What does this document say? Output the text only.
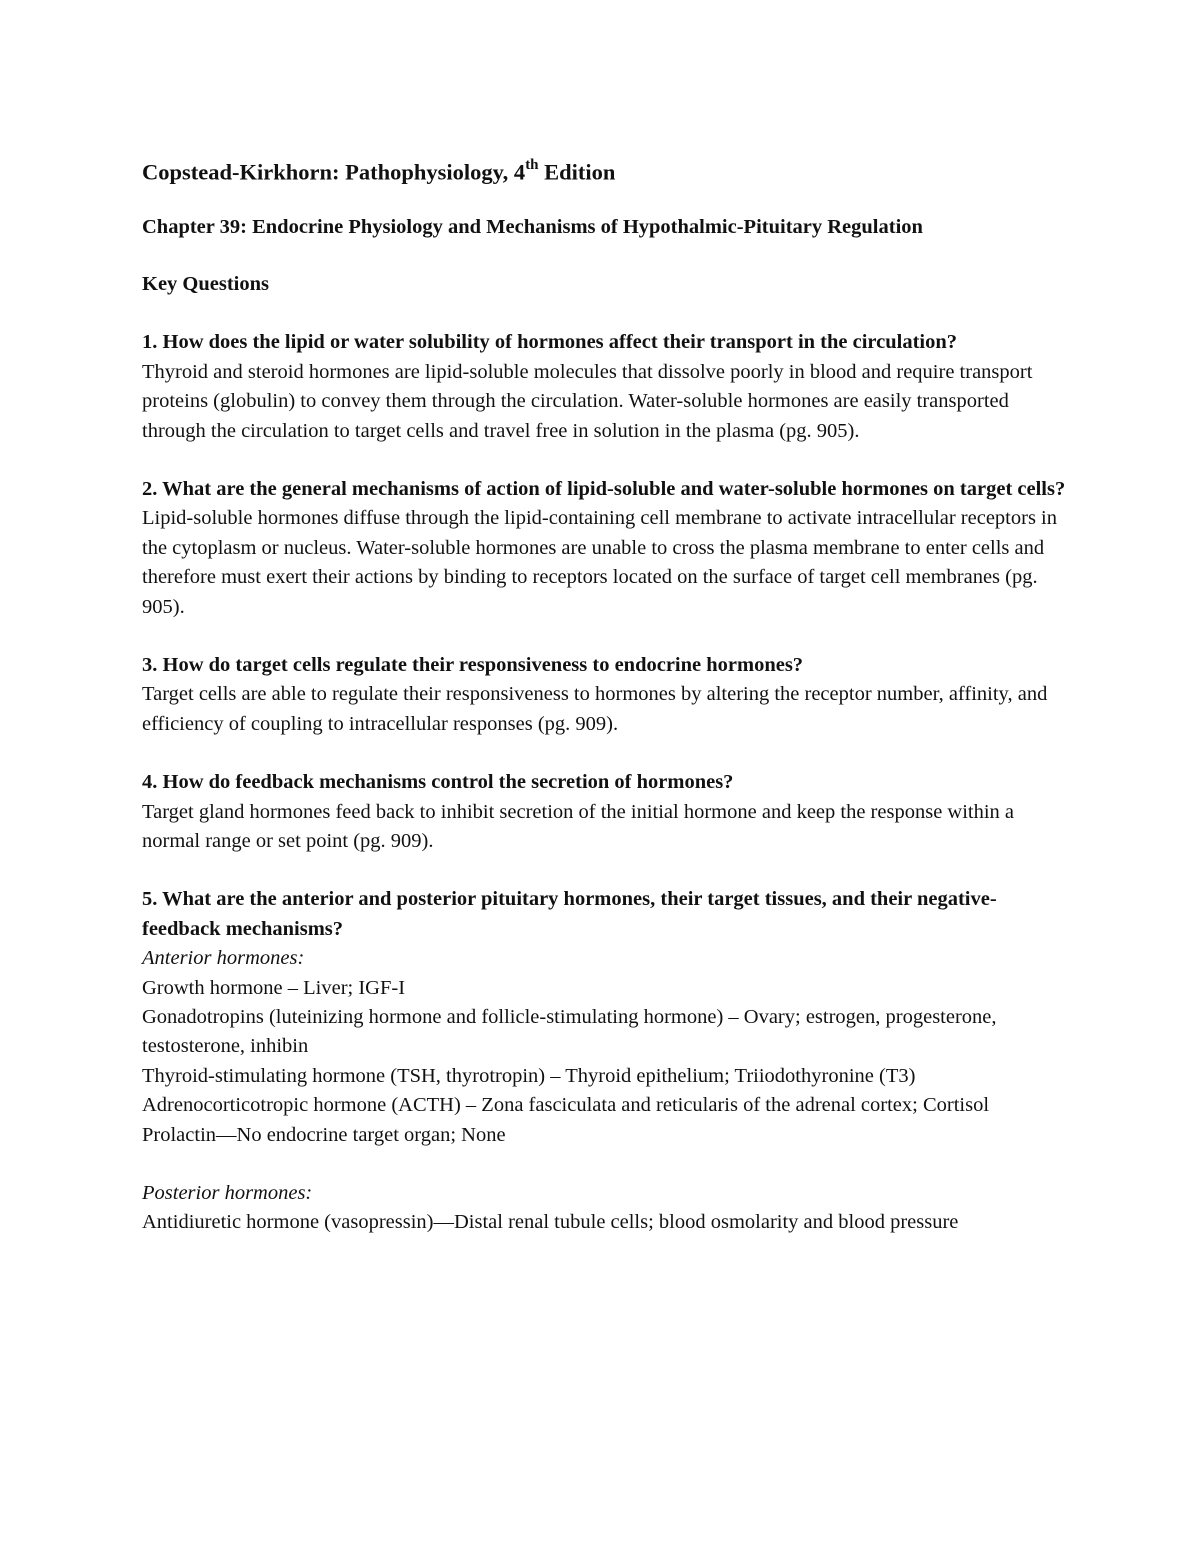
Copstead-Kirkhorn: Pathophysiology, 4th Edition

Chapter 39: Endocrine Physiology and Mechanisms of Hypothalmic-Pituitary Regulation

Key Questions

1. How does the lipid or water solubility of hormones affect their transport in the circulation?

Thyroid and steroid hormones are lipid-soluble molecules that dissolve poorly in blood and require transport proteins (globulin) to convey them through the circulation. Water-soluble hormones are easily transported through the circulation to target cells and travel free in solution in the plasma (pg. 905).

2. What are the general mechanisms of action of lipid-soluble and water-soluble hormones on target cells?

Lipid-soluble hormones diffuse through the lipid-containing cell membrane to activate intracellular receptors in the cytoplasm or nucleus. Water-soluble hormones are unable to cross the plasma membrane to enter cells and therefore must exert their actions by binding to receptors located on the surface of target cell membranes (pg. 905).

3. How do target cells regulate their responsiveness to endocrine hormones?

Target cells are able to regulate their responsiveness to hormones by altering the receptor number, affinity, and efficiency of coupling to intracellular responses (pg. 909).

4. How do feedback mechanisms control the secretion of hormones?

Target gland hormones feed back to inhibit secretion of the initial hormone and keep the response within a normal range or set point (pg. 909).

5. What are the anterior and posterior pituitary hormones, their target tissues, and their negative-feedback mechanisms?

Anterior hormones:

Growth hormone – Liver; IGF-I

Gonadotropins (luteinizing hormone and follicle-stimulating hormone) – Ovary; estrogen, progesterone, testosterone, inhibin

Thyroid-stimulating hormone (TSH, thyrotropin) – Thyroid epithelium; Triiodothyronine (T3)

Adrenocorticotropic hormone (ACTH) – Zona fasciculata and reticularis of the adrenal cortex; Cortisol

Prolactin—No endocrine target organ; None

Posterior hormones:

Antidiuretic hormone (vasopressin)—Distal renal tubule cells; blood osmolarity and blood pressure
